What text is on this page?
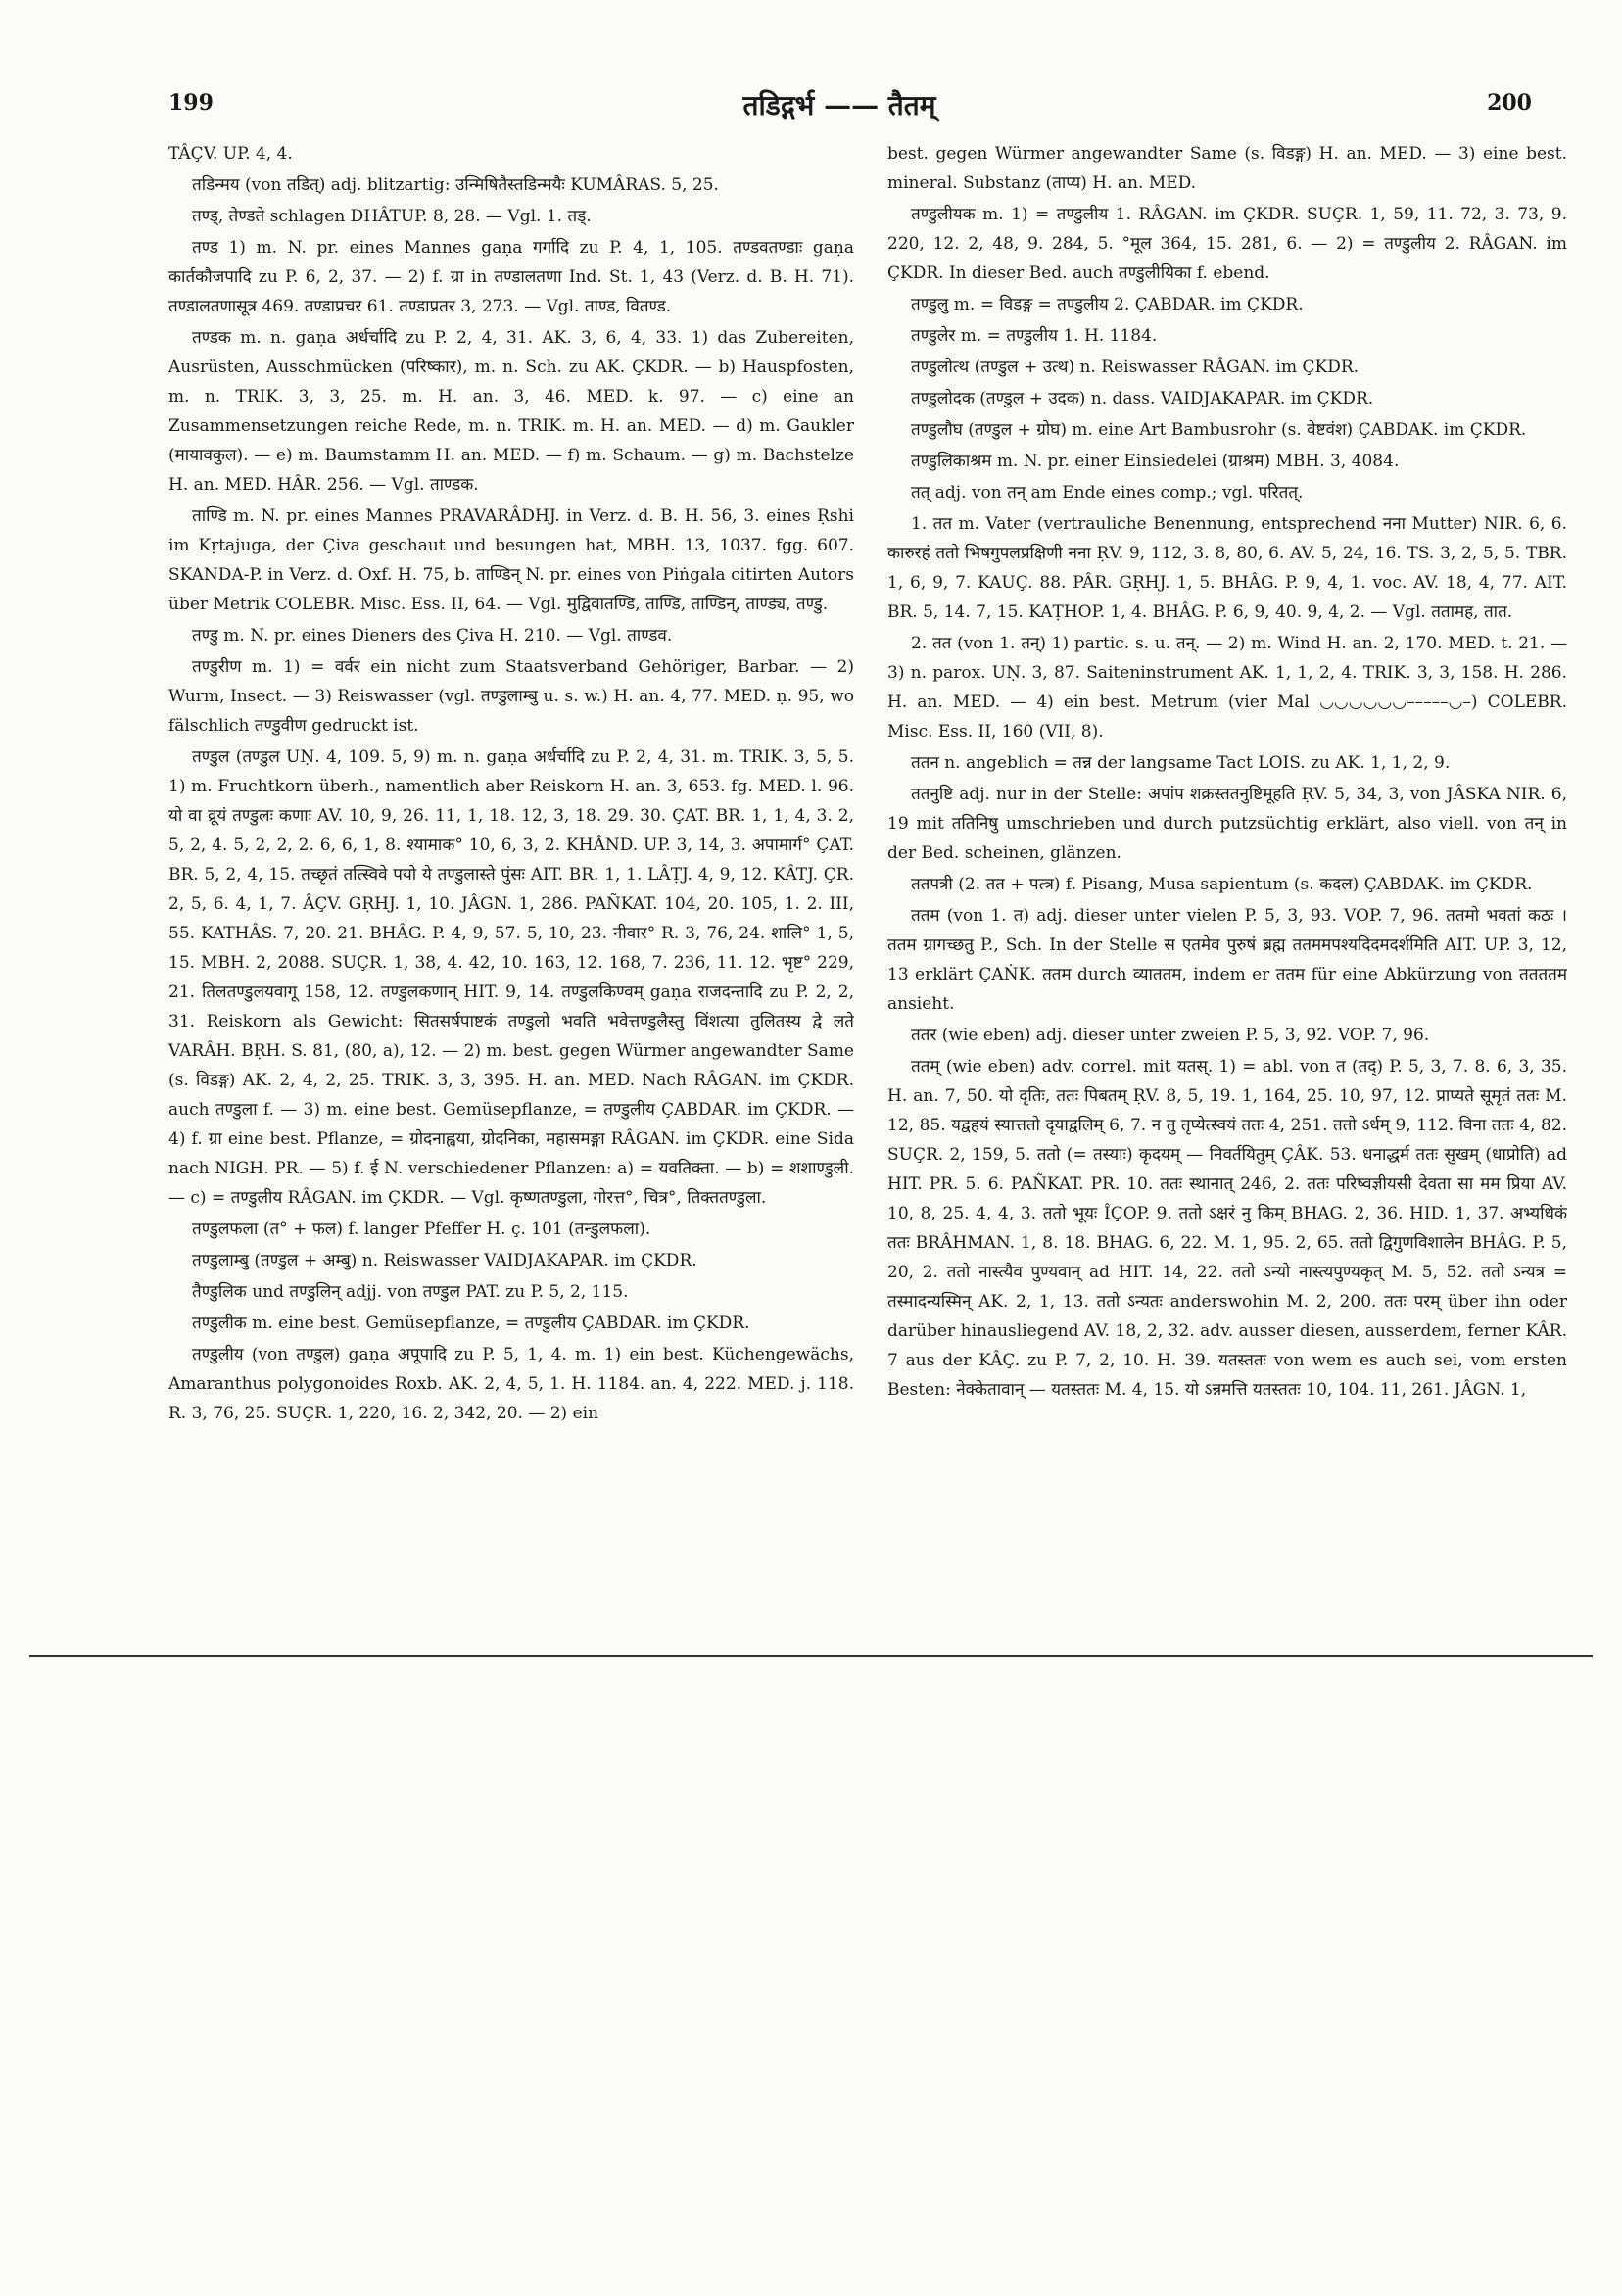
199	तडिद्गर्भ —— तैतम्	200

TÂÇV. UP. 4, 4.

तडिन्मय (von तडित्) adj. blitzartig: उन्मिषितैस्तडिन्मयैः KUMÂRAS. 5, 25.

तण्ड्, तेण्डते schlagen DHÂTUP. 8, 28. — Vgl. 1. तड्.

तण्ड 1) m. N. pr. eines Mannes gaṇa गर्गादि zu P. 4, 1, 105. तण्डवतण्डाः gaṇa कार्तकौजपादि zu P. 6, 2, 37. — 2) f. ग्रा in तण्डालतणा Ind. St. 1, 43 (Verz. d. B. H. 71). तण्डालतणासूत्र 469. तण्डाप्रचर 61. तण्डाप्रतर 3, 273. — Vgl. ताण्ड, वितण्ड.

तण्डक m. n. gaṇa अर्धर्चादि zu P. 2, 4, 31. AK. 3, 6, 4, 33. 1) das Zubereiten, Ausrüsten, Ausschmücken (परिष्कार), m. n. Sch. zu AK. ÇKDR. — b) Hauspfosten, m. n. TRIK. 3, 3, 25. m. H. an. 3, 46. MED. k. 97. — c) eine an Zusammensetzungen reiche Rede, m. n. TRIK. m. H. an. MED. — d) m. Gaukler (मायावकुल). — e) m. Baumstamm H. an. MED. — f) m. Schaum. — g) m. Bachstelze H. an. MED. HÂR. 256. — Vgl. ताण्डक.

ताण्डि m. N. pr. eines Mannes PRAVARÂDHJ. in Verz. d. B. H. 56, 3. eines Ṛshi im Kṛtajuga, der Çiva geschaut und besungen hat, MBH. 13, 1037. fgg. 607. SKANDA-P. in Verz. d. Oxf. H. 75, b. ताण्डिन् N. pr. eines von Piṅgala citirten Autors über Metrik COLEBR. Misc. Ess. II, 64. — Vgl. मुद्विवातण्डि, ताण्डि, ताण्डिन्, ताण्ड्य, तण्डु.

तण्डु m. N. pr. eines Dieners des Çiva H. 210. — Vgl. ताण्डव.

तण्डुरीण m. 1) = वर्वर ein nicht zum Staatsverband Gehöriger, Barbar. — 2) Wurm, Insect. — 3) Reiswasser (vgl. तण्डुलाम्बु u. s. w.) H. an. 4, 77. MED. ṇ. 95, wo fälschlich तण्डुवीण gedruckt ist.

तण्डुल (तण्डुल UṆ. 4, 109. 5, 9) m. n. gaṇa अर्धर्चादि zu P. 2, 4, 31. m. TRIK. 3, 5, 5. 1) m. Fruchtkorn überh., namentlich aber Reiskorn H. an. 3, 653. fg. MED. l. 96. यो वा व्रूयं तण्डुलः कणाः AV. 10, 9, 26. 11, 1, 18. 12, 3, 18. 29. 30. ÇAT. BR. 1, 1, 4, 3. 2, 5, 2, 4. 5, 2, 2, 2. 6, 6, 1, 8. श्यामाक° 10, 6, 3, 2. KHÂND. UP. 3, 14, 3. अपामार्ग° ÇAT. BR. 5, 2, 4, 15. तच्छृतं तत्स्विवे पयो ये तण्डुलास्ते पुंसः AIT. BR. 1, 1. LÂṬJ. 4, 9, 12. KÂTJ. ÇR. 2, 5, 6. 4, 1, 7. ÂÇV. GṚHJ. 1, 10. JÂGN. 1, 286. PAÑKAT. 104, 20. 105, 1. 2. III, 55. KATHÂS. 7, 20. 21. BHÂG. P. 4, 9, 57. 5, 10, 23. नीवार° R. 3, 76, 24. शालि° 1, 5, 15. MBH. 2, 2088. SUÇR. 1, 38, 4. 42, 10. 163, 12. 168, 7. 236, 11. 12. भृष्ट° 229, 21. तिलतण्डुलयवागू 158, 12. तण्डुलकणान् HIT. 9, 14. तण्डुलकिण्वम् gaṇa राजदन्तादि zu P. 2, 2, 31. Reiskorn als Gewicht: सितसर्षपाष्टकं तण्डुलो भवति भवेत्तण्डुलैस्तु विंशत्या तुलितस्य द्वे लते VARÂH. BṚH. S. 81, (80, a), 12. — 2) m. best. gegen Würmer angewandter Same (s. विडङ्ग) AK. 2, 4, 2, 25. TRIK. 3, 3, 395. H. an. MED. Nach RÂGAN. im ÇKDR. auch तण्डुला f. — 3) m. eine best. Gemüsepflanze, = तण्डुलीय ÇABDAR. im ÇKDR. — 4) f. ग्रा eine best. Pflanze, = ग्रोदनाह्वया, ग्रोदनिका, महासमङ्गा RÂGAN. im ÇKDR. eine Sida nach NIGH. PR. — 5) f. ई N. verschiedener Pflanzen: a) = यवतिक्ता. — b) = शशाण्डुली. — c) = तण्डुलीय RÂGAN. im ÇKDR. — Vgl. कृष्णतण्डुला, गोरत्त°, चित्र°, तिक्ततण्डुला.

तण्डुलफला (त° + फल) f. langer Pfeffer H. ç. 101 (तन्डुलफला).

तण्डुलाम्बु (तण्डुल + अम्बु) n. Reiswasser VAIDJAKAPAR. im ÇKDR.

तैण्डुलिक und तण्डुलिन् adjj. von तण्डुल PAT. zu P. 5, 2, 115.

तण्डुलीक m. eine best. Gemüsepflanze, = तण्डुलीय ÇABDAR. im ÇKDR.

तण्डुलीय (von तण्डुल) gaṇa अपूपादि zu P. 5, 1, 4. m. 1) ein best. Küchengewächs, Amaranthus polygonoides Roxb. AK. 2, 4, 5, 1. H. 1184. an. 4, 222. MED. j. 118. R. 3, 76, 25. SUÇR. 1, 220, 16. 2, 342, 20. — 2) ein

best. gegen Würmer angewandter Same (s. विडङ्ग) H. an. MED. — 3) eine best. mineral. Substanz (ताप्य) H. an. MED.

तण्डुलीयक m. 1) = तण्डुलीय 1. RÂGAN. im ÇKDR. SUÇR. 1, 59, 11. 72, 3. 73, 9. 220, 12. 2, 48, 9. 284, 5. °मूल 364, 15. 281, 6. — 2) = तण्डुलीय 2. RÂGAN. im ÇKDR. In dieser Bed. auch तण्डुलीयिका f. ebend.

तण्डुलु m. = विडङ्ग = तण्डुलीय 2. ÇABDAR. im ÇKDR.

तण्डुलेर m. = तण्डुलीय 1. H. 1184.

तण्डुलोत्थ (तण्डुल + उत्थ) n. Reiswasser RÂGAN. im ÇKDR.

तण्डुलोदक (तण्डुल + उदक) n. dass. VAIDJAKAPAR. im ÇKDR.

तण्डुलौघ (तण्डुल + ग्रोघ) m. eine Art Bambusrohr (s. वेष्टवंश) ÇABDAK. im ÇKDR.

तण्डुलिकाश्रम m. N. pr. einer Einsiedelei (ग्राश्रम) MBH. 3, 4084.

तत् adj. von तन् am Ende eines comp.; vgl. परितत्.

1. तत m. Vater (vertrauliche Benennung, entsprechend नना Mutter) NIR. 6, 6. कारुरहं ततो भिषगुपलप्रक्षिणी नना ṚV. 9, 112, 3. 8, 80, 6. AV. 5, 24, 16. TS. 3, 2, 5, 5. TBR. 1, 6, 9, 7. KAUÇ. 88. PÂR. GṚHJ. 1, 5. BHÂG. P. 9, 4, 1. voc. AV. 18, 4, 77. AIT. BR. 5, 14. 7, 15. KAṬHOP. 1, 4. BHÂG. P. 6, 9, 40. 9, 4, 2. — Vgl. ततामह, तात.

2. तत (von 1. तन्) 1) partic. s. u. तन्. — 2) m. Wind H. an. 2, 170. MED. t. 21. — 3) n. parox. UṆ. 3, 87. Saiteninstrument AK. 1, 1, 2, 4. TRIK. 3, 3, 158. H. 286. H. an. MED. — 4) ein best. Metrum (vier Mal ◡◡◡◡◡◡–––––◡–) COLEBR. Misc. Ess. II, 160 (VII, 8).

ततन n. angeblich = तन्न der langsame Tact LOIS. zu AK. 1, 1, 2, 9.

ततनुष्टि adj. nur in der Stelle: अपांप शक्रस्ततनुष्टिमूहति ṚV. 5, 34, 3, von JÂSKA NIR. 6, 19 mit ततिनिषु umschrieben und durch putzsüchtig erklärt, also viell. von तन् in der Bed. scheinen, glänzen.

ततपत्री (2. तत + पत्त्र) f. Pisang, Musa sapientum (s. कदल) ÇABDAK. im ÇKDR.

ततम (von 1. त) adj. dieser unter vielen P. 5, 3, 93. VOP. 7, 96. ततमो भवतां कठः । ततम ग्रागच्छतु P., Sch. In der Stelle स एतमेव पुरुषं ब्रह्म ततममपश्यदिदमदर्शमिति AIT. UP. 3, 12, 13 erklärt ÇAṄK. ततम durch व्याततम, indem er ततम für eine Abkürzung von ततततम ansieht.

ततर (wie eben) adj. dieser unter zweien P. 5, 3, 92. VOP. 7, 96.

ततम् (wie eben) adv. correl. mit यतस्. 1) = abl. von त (तद्) P. 5, 3, 7. 8. 6, 3, 35. H. an. 7, 50. यो दृतिः, ततः पिबतम् ṚV. 8, 5, 19. 1, 164, 25. 10, 97, 12. प्राप्यते सूमृतं ततः M. 12, 85. यद्वहयं स्यात्ततो दृयाद्वलिम् 6, 7. न तु तृप्येत्स्वयं ततः 4, 251. ततो ऽर्धम् 9, 112. विना ततः 4, 82. SUÇR. 2, 159, 5. ततो (= तस्याः) कृदयम् — निवर्तयितुम् ÇÂK. 53. धनाद्धर्म ततः सुखम् (धाप्रोति) ad HIT. PR. 5. 6. PAÑKAT. PR. 10. ततः स्थानात् 246, 2. ततः परिष्वज्ञीयसी देवता सा मम प्रिया AV. 10, 8, 25. 4, 4, 3. ततो भूयः ÎÇOP. 9. ततो ऽक्षरं नु किम् BHAG. 2, 36. HID. 1, 37. अभ्यधिकं ततः BRÂHMAN. 1, 8. 18. BHAG. 6, 22. M. 1, 95. 2, 65. ततो द्विगुणविशालेन BHÂG. P. 5, 20, 2. ततो नास्त्यैव पुण्यवान् ad HIT. 14, 22. ततो ऽन्यो नास्त्यपुण्यकृत् M. 5, 52. ततो ऽन्यत्र = तस्मादन्यस्मिन् AK. 2, 1, 13. ततो ऽन्यतः anderswohin M. 2, 200. ततः परम् über ihn oder darüber hinausliegend AV. 18, 2, 32. adv. ausser diesen, ausserdem, ferner KÂR. 7 aus der KÂÇ. zu P. 7, 2, 10. H. 39. यतस्ततः von wem es auch sei, vom ersten Besten: नेक्केतावान् — यतस्ततः M. 4, 15. यो ऽन्नमत्ति यतस्ततः 10, 104. 11, 261. JÂGN. 1,
